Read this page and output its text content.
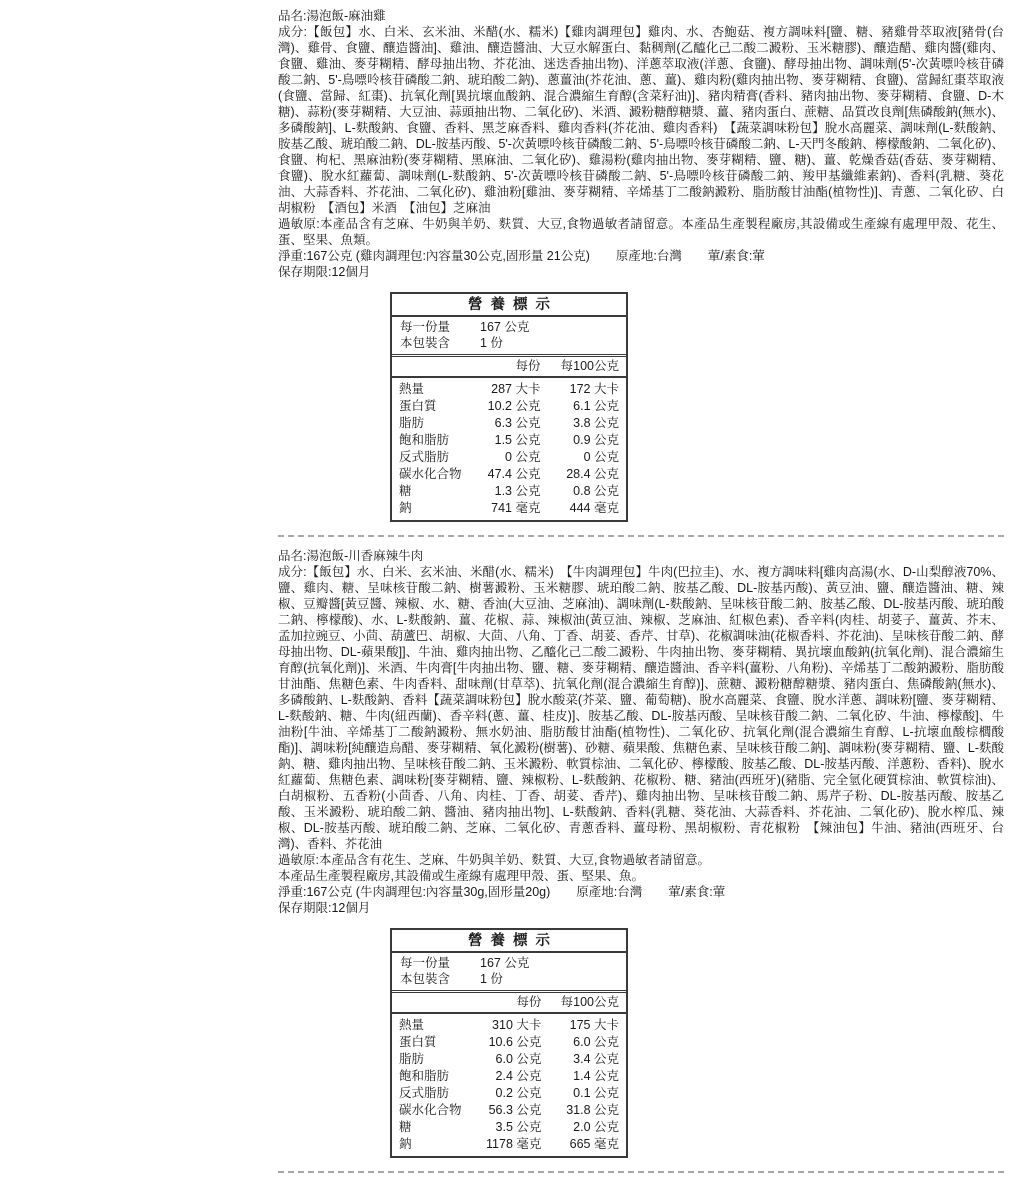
品名:湯泡飯-麻油雞
成分:【飯包】水、白米、玄米油、米醋(水、糯米)【雞肉調理包】雞肉、水、杏鮑菇、複方調味料[鹽、糖、豬雞骨萃取液[豬骨(台灣)、雞骨、食鹽、釀造醬油]、雞油、釀造醬油、大豆水解蛋白、黏稠劑(乙醯化己二酸二澱粉、玉米糖膠)、釀造醋、雞肉醬(雞肉、食鹽、雞油、麥芽糊精、酵母抽出物、芥花油、迷迭香抽出物)、洋蔥萃取液(洋蔥、食鹽)、酵母抽出物、調味劑(5'-次黃嘌呤核苷磷酸二鈉、5'-鳥嘌呤核苷磷酸二鈉、琥珀酸二鈉)、蔥薑油(芥花油、蔥、薑)、雞肉粉(雞肉抽出物、麥芽糊精、食鹽)、當歸紅棗萃取液(食鹽、當歸、紅棗)、抗氧化劑[異抗壞血酸鈉、混合濃縮生育醇(含菜籽油)]、豬肉精膏(香料、豬肉抽出物、麥芽糊精、食鹽、D-木糖)、蒜粉(麥芽糊精、大豆油、蒜頭抽出物、二氧化矽)、米酒、澱粉糖醇糖漿、薑、豬肉蛋白、蔗糖、品質改良劑[焦磷酸鈉(無水)、多磷酸鈉]、L-麩酸鈉、食鹽、香料、黑芝麻香料、雞肉香料(芥花油、雞肉香料)　【蔬菜調味粉包】脫水高麗菜、調味劑(L-麩酸鈉、胺基乙酸、琥珀酸二鈉、DL-胺基丙酸、5'-次黃嘌呤核苷磷酸二鈉、5'-鳥嘌呤核苷磷酸二鈉、L-天門冬酸鈉、檸檬酸鈉、二氧化矽)、食鹽、枸杞、黑麻油粉(麥芽糊精、黑麻油、二氧化矽)、雞湯粉(雞肉抽出物、麥芽糊精、鹽、糖)、薑、乾燥香菇(香菇、麥芽糊精、食鹽)、脫水紅蘿蔔、調味劑(L-麩酸鈉、5'-次黃嘌呤核苷磷酸二鈉、5'-鳥嘌呤核苷磷酸二鈉、羧甲基纖維素鈉)、香料(乳糖、葵花油、大蒜香料、芥花油、二氧化矽)、雞油粉[雞油、麥芽糊精、辛烯基丁二酸鈉澱粉、脂肪酸甘油酯(植物性)]、青蔥、二氧化矽、白胡椒粉　【酒包】米酒　【油包】芝麻油
過敏原:本產品含有芝麻、牛奶與羊奶、麩質、大豆,食物過敏者請留意。本產品生產製程廠房,其設備或生產線有處理甲殼、花生、蛋、堅果、魚類。
淨重:167公克 (雞肉調理包:內容量30公克,固形量 21公克) 原產地:台灣 葷/素食:葷
保存期限:12個月
營養標示
每一份量 167 公克
本包裝含 1 份
	每份	每100公克
熱量	287 大卡	172 大卡
蛋白質	10.2 公克	6.1 公克
脂肪	6.3 公克	3.8 公克
飽和脂肪	1.5 公克	0.9 公克
反式脂肪	0 公克	0 公克
碳水化合物	47.4 公克	28.4 公克
糖	1.3 公克	0.8 公克
鈉	741 毫克	444 毫克
品名:湯泡飯-川香麻辣牛肉
成分:【飯包】水、白米、玄米油、米醋(水、糯米)　【牛肉調理包】牛肉(巴拉圭)、水、複方調味料[雞肉高湯(水、D-山梨醇液70%、鹽、雞肉、糖、呈味核苷酸二鈉、樹薯澱粉、玉米糖膠、琥珀酸二鈉、胺基乙酸、DL-胺基丙酸)、黃豆油、鹽、釀造醬油、糖、辣椒、豆瓣醬[黃豆醬、辣椒、水、糖、香油(大豆油、芝麻油)、調味劑(L-麩酸鈉、呈味核苷酸二鈉、胺基乙酸、DL-胺基丙酸、琥珀酸二鈉、檸檬酸)、水、L-麩酸鈉、薑、花椒、蒜、辣椒油(黃豆油、辣椒、芝麻油、紅椒色素)、香辛料(肉桂、胡荽子、薑黃、芥末、孟加拉豌豆、小茴、葫蘆巴、胡椒、大茴、八角、丁香、胡荽、香芹、甘草)、花椒調味油(花椒香料、芥花油)、呈味核苷酸二鈉、酵母抽出物、DL-蘋果酸]]、牛油、雞肉抽出物、乙醯化己二酸二澱粉、牛肉抽出物、麥芽糊精、異抗壞血酸鈉(抗氧化劑)、混合濃縮生育醇(抗氧化劑)]、米酒、牛肉膏[牛肉抽出物、鹽、糖、麥芽糊精、釀造醬油、香辛料(薑粉、八角粉)、辛烯基丁二酸鈉澱粉、脂肪酸甘油酯、焦糖色素、牛肉香料、甜味劑(甘草萃)、抗氧化劑(混合濃縮生育醇)]、蔗糖、澱粉糖醇糖漿、豬肉蛋白、焦磷酸鈉(無水)、多磷酸鈉、L-麩酸鈉、香料【蔬菜調味粉包】脫水酸菜(芥菜、鹽、葡萄糖)、脫水高麗菜、食鹽、脫水洋蔥、調味粉[鹽、麥芽糊精、L-麩酸鈉、糖、牛肉(紐西蘭)、香辛料(蔥、薑、桂皮)]、胺基乙酸、DL-胺基丙酸、呈味核苷酸二鈉、二氧化矽、牛油、檸檬酸]、牛油粉[牛油、辛烯基丁二酸鈉澱粉、無水奶油、脂肪酸甘油酯(植物性)、二氧化矽、抗氧化劑(混合濃縮生育醇、L-抗壞血酸棕櫚酸酯)]、調味粉[純釀造烏醋、麥芽糊精、氧化澱粉(樹薯)、砂糖、蘋果酸、焦糖色素、呈味核苷酸二鈉]、調味粉(麥芽糊精、鹽、L-麩酸鈉、糖、雞肉抽出物、呈味核苷酸二鈉、玉米澱粉、軟質棕油、二氧化矽、檸檬酸、胺基乙酸、DL-胺基丙酸、洋蔥粉、香料)、脫水紅蘿蔔、焦糖色素、調味粉[麥芽糊精、鹽、辣椒粉、L-麩酸鈉、花椒粉、糖、豬油(西班牙)(豬脂、完全氫化硬質棕油、軟質棕油)、白胡椒粉、五香粉(小茴香、八角、肉桂、丁香、胡荽、香芹)、雞肉抽出物、呈味核苷酸二鈉、馬芹子粉、DL-胺基丙酸、胺基乙酸、玉米澱粉、琥珀酸二鈉、醬油、豬肉抽出物]、L-麩酸鈉、香料(乳糖、葵花油、大蒜香料、芥花油、二氧化矽)、脫水榨瓜、辣椒、DL-胺基丙酸、琥珀酸二鈉、芝麻、二氧化矽、青蔥香料、薑母粉、黑胡椒粉、青花椒粉　【辣油包】牛油、豬油(西班牙、台灣)、香料、芥花油
過敏原:本產品含有花生、芝麻、牛奶與羊奶、麩質、大豆,食物過敏者請留意。
本產品生產製程廠房,其設備或生產線有處理甲殼、蛋、堅果、魚。
淨重:167公克 (牛肉調理包:內容量30g,固形量20g) 原產地:台灣 葷/素食:葷
保存期限:12個月
營養標示
每一份量 167 公克
本包裝含 1 份
	每份	每100公克
熱量	310 大卡	175 大卡
蛋白質	10.6 公克	6.0 公克
脂肪	6.0 公克	3.4 公克
飽和脂肪	2.4 公克	1.4 公克
反式脂肪	0.2 公克	0.1 公克
碳水化合物	56.3 公克	31.8 公克
糖	3.5 公克	2.0 公克
鈉	1178 毫克	665 毫克
